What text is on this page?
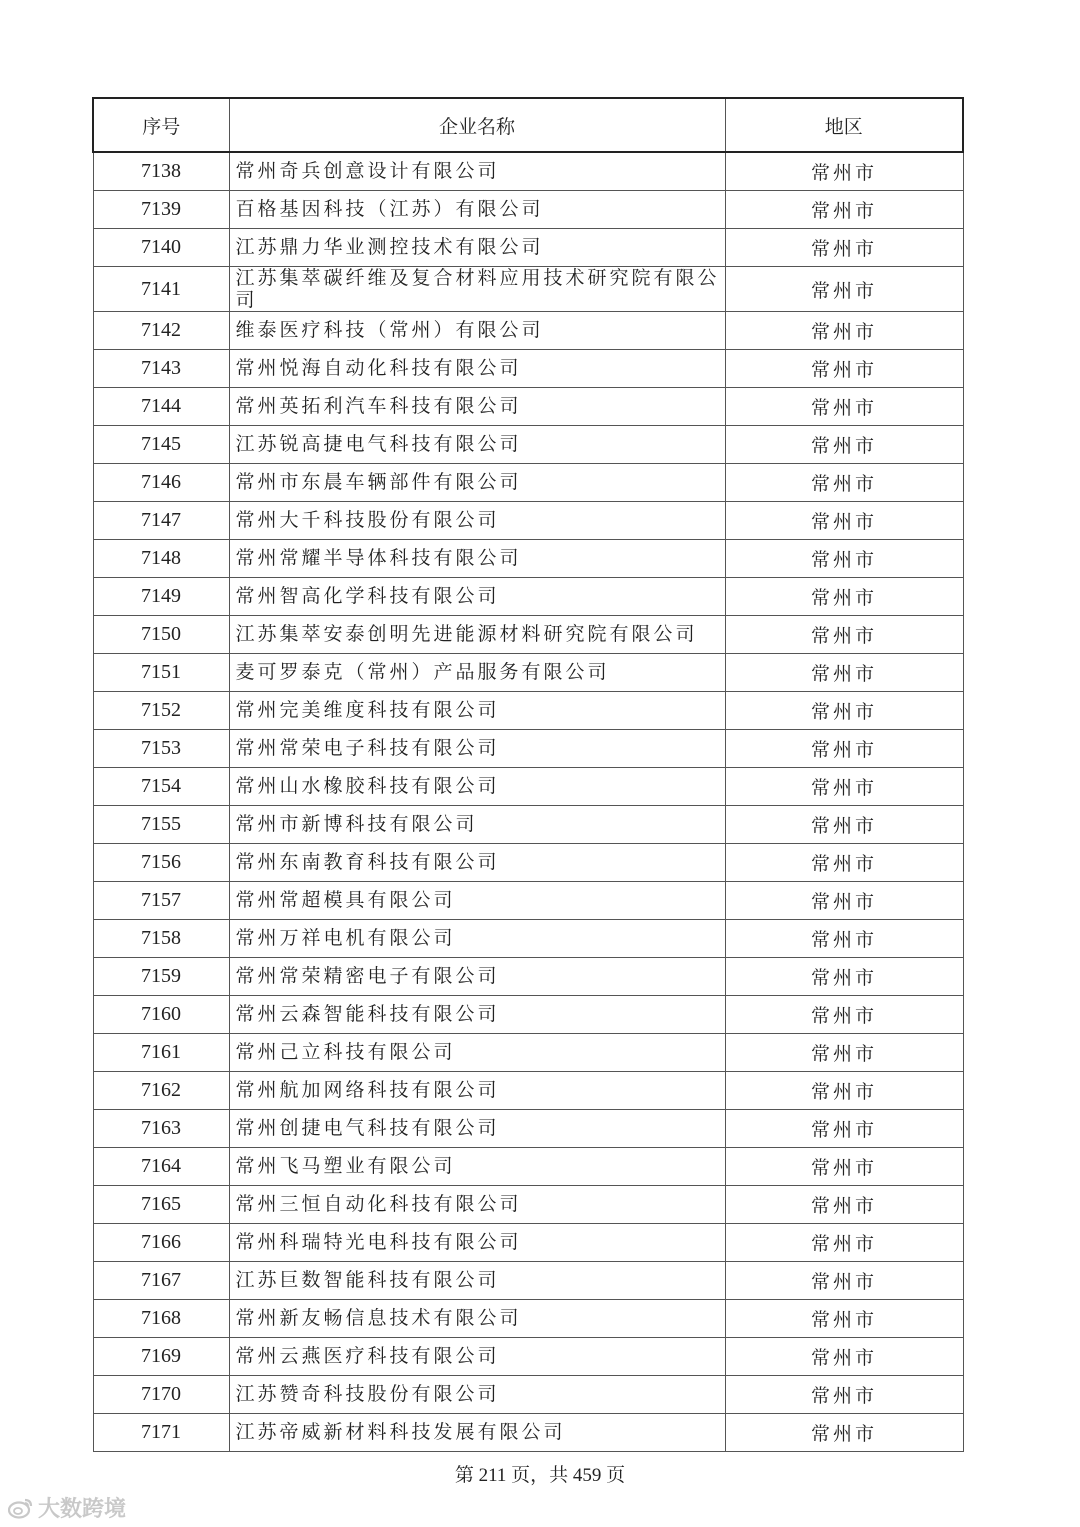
序号	企业名称	地区
7138	常州奇兵创意设计有限公司	常州市
7139	百格基因科技（江苏）有限公司	常州市
7140	江苏鼎力华业测控技术有限公司	常州市
7141	江苏集萃碳纤维及复合材料应用技术研究院有限公司	常州市
7142	维泰医疗科技（常州）有限公司	常州市
7143	常州悦海自动化科技有限公司	常州市
7144	常州英拓利汽车科技有限公司	常州市
7145	江苏锐高捷电气科技有限公司	常州市
7146	常州市东晨车辆部件有限公司	常州市
7147	常州大千科技股份有限公司	常州市
7148	常州常耀半导体科技有限公司	常州市
7149	常州智高化学科技有限公司	常州市
7150	江苏集萃安泰创明先进能源材料研究院有限公司	常州市
7151	麦可罗泰克（常州）产品服务有限公司	常州市
7152	常州完美维度科技有限公司	常州市
7153	常州常荣电子科技有限公司	常州市
7154	常州山水橡胶科技有限公司	常州市
7155	常州市新博科技有限公司	常州市
7156	常州东南教育科技有限公司	常州市
7157	常州常超模具有限公司	常州市
7158	常州万祥电机有限公司	常州市
7159	常州常荣精密电子有限公司	常州市
7160	常州云森智能科技有限公司	常州市
7161	常州己立科技有限公司	常州市
7162	常州航加网络科技有限公司	常州市
7163	常州创捷电气科技有限公司	常州市
7164	常州飞马塑业有限公司	常州市
7165	常州三恒自动化科技有限公司	常州市
7166	常州科瑞特光电科技有限公司	常州市
7167	江苏巨数智能科技有限公司	常州市
7168	常州新友畅信息技术有限公司	常州市
7169	常州云燕医疗科技有限公司	常州市
7170	江苏赞奇科技股份有限公司	常州市
7171	江苏帝威新材料科技发展有限公司	常州市
第 211 页，共 459 页
大数跨境
